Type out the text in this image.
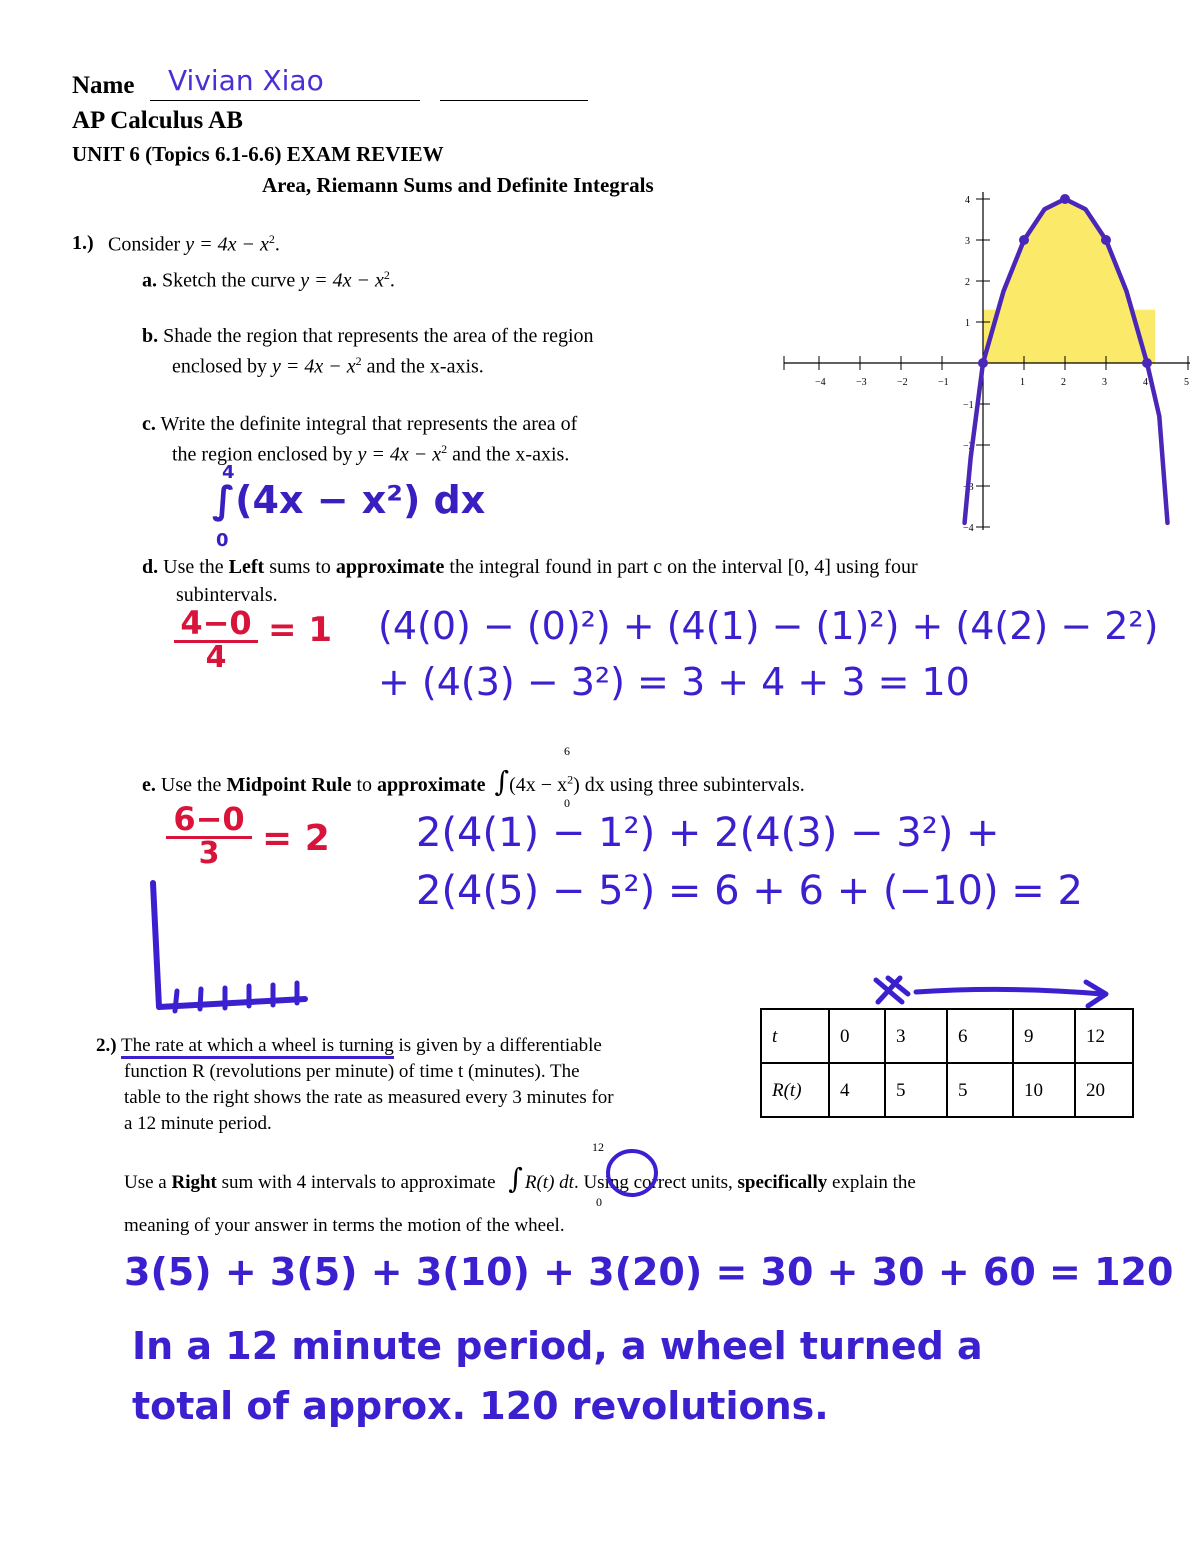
Name Vivian Xiao
AP Calculus AB
UNIT 6 (Topics 6.1-6.6) EXAM REVIEW
Area, Riemann Sums and Definite Integrals
−4	−3	−2	−1	1	2	3	4	5
4
3
2
1
−1
−2
−3
−4
1.) Consider $y = 4x - x^2$.
a. Sketch the curve $y = 4x - x^2$.
b. Shade the region that represents the area of the region
enclosed by $y = 4x - x^2$ and the x-axis.
c. Write the definite integral that represents the area of
the region enclosed by $y = 4x - x^2$ and the x-axis.
∫(4x − x²) dx
4
0
d. Use the Left sums to approximate the integral found in part c on the interval [0, 4] using four
subintervals.
4−0
4
= 1 (4(0) − (0)²) + (4(1) − (1)²) + (4(2) − 2²)
+ (4(3) − 3²) = 3 + 4 + 3 = 10
e. Use the Midpoint Rule to approximate $\int(4x - x^2)$ dx using three subintervals.
6
0
6−0
3	= 2 2(4(1) − 1²) + 2(4(3) − 3²) +
2(4(5) − 5²) = 6 + 6 + (−10) = 2
2.) The rate at which a wheel is turning is given by a differentiable
function R (revolutions per minute) of time t (minutes). The
table to the right shows the rate as measured every 3 minutes for
a 12 minute period.
t	0	3	6	9	12
R(t)	4	5	5	10	20
Use a Right sum with 4 intervals to approximate ∫ R(t) dt. Using correct units, specifically explain the
12
0
meaning of your answer in terms the motion of the wheel.
3(5) + 3(5) + 3(10) + 3(20) = 30 + 30 + 60 = 120
In a 12 minute period, a wheel turned a
total of approx. 120 revolutions.
